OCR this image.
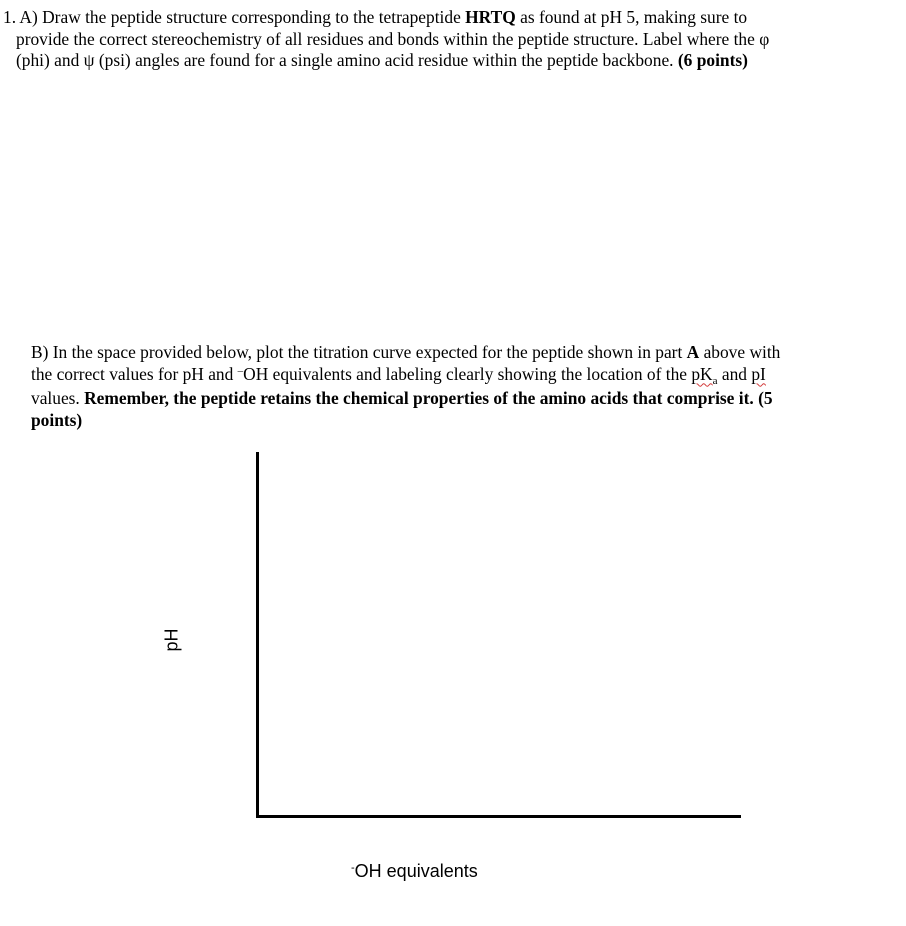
1. A) Draw the peptide structure corresponding to the tetrapeptide HRTQ as found at pH 5, making sure to
provide the correct stereochemistry of all residues and bonds within the peptide structure. Label where the φ
(phi) and ψ (psi) angles are found for a single amino acid residue within the peptide backbone. (6 points)
B) In the space provided below, plot the titration curve expected for the peptide shown in part A above with
the correct values for pH and –OH equivalents and labeling clearly showing the location of the $pK_a$ and pI
values. Remember, the peptide retains the chemical properties of the amino acids that comprise it. (5
points)
pH
-OH equivalents
